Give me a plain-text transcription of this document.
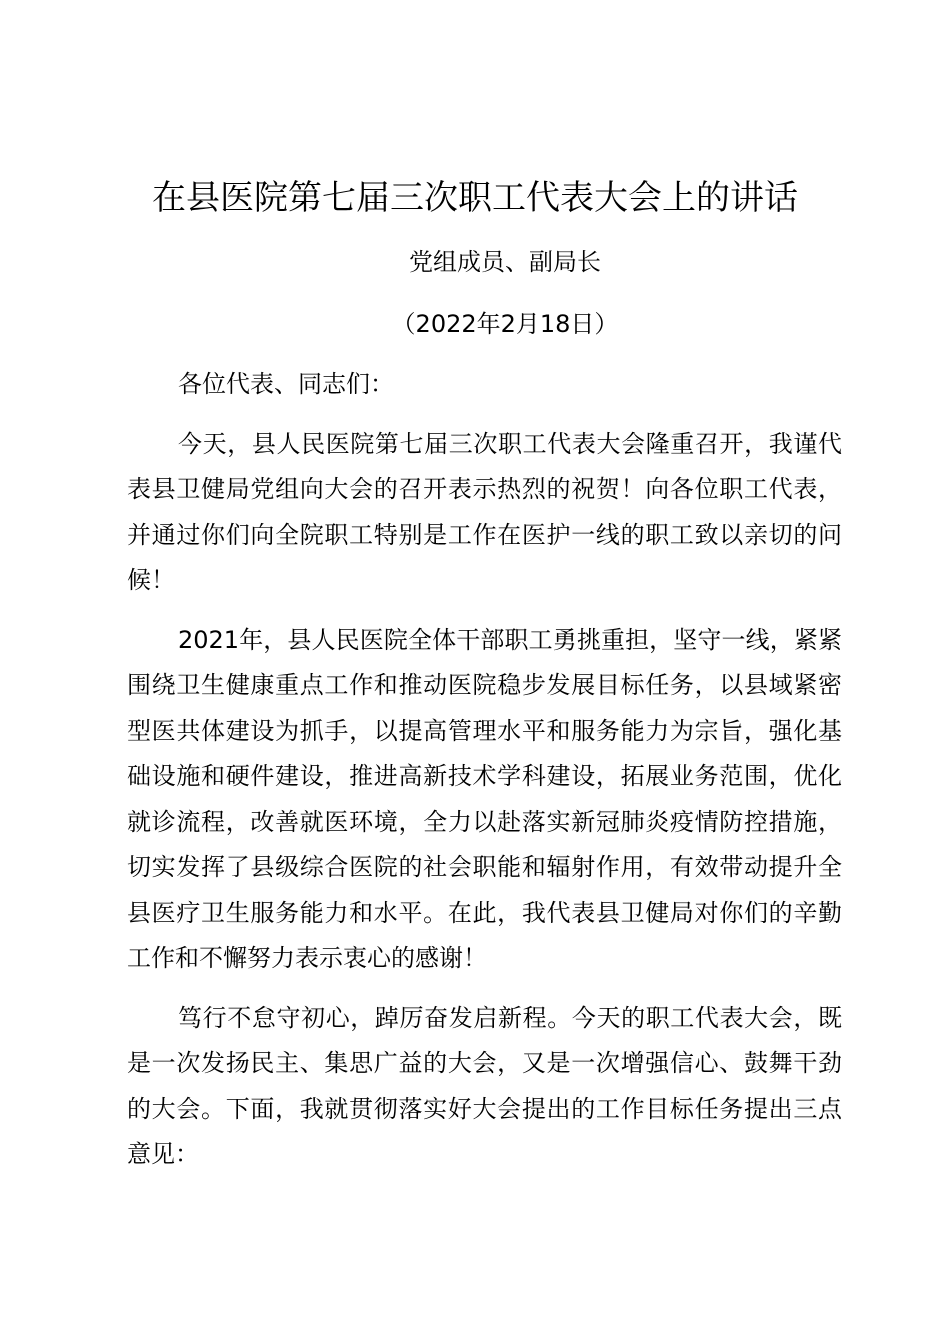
在县医院第七届三次职工代表大会上的讲话
党组成员、副局长
（2022年2月18日）

各位代表、同志们：

今天，县人民医院第七届三次职工代表大会隆重召开，我谨代表县卫健局党组向大会的召开表示热烈的祝贺！向各位职工代表，并通过你们向全院职工特别是工作在医护一线的职工致以亲切的问候！

2021年，县人民医院全体干部职工勇挑重担，坚守一线，紧紧围绕卫生健康重点工作和推动医院稳步发展目标任务，以县域紧密型医共体建设为抓手，以提高管理水平和服务能力为宗旨，强化基础设施和硬件建设，推进高新技术学科建设，拓展业务范围，优化就诊流程，改善就医环境，全力以赴落实新冠肺炎疫情防控措施，切实发挥了县级综合医院的社会职能和辐射作用，有效带动提升全县医疗卫生服务能力和水平。在此，我代表县卫健局对你们的辛勤工作和不懈努力表示衷心的感谢！

笃行不怠守初心，踔厉奋发启新程。今天的职工代表大会，既是一次发扬民主、集思广益的大会，又是一次增强信心、鼓舞干劲的大会。下面，我就贯彻落实好大会提出的工作目标任务提出三点意见：
